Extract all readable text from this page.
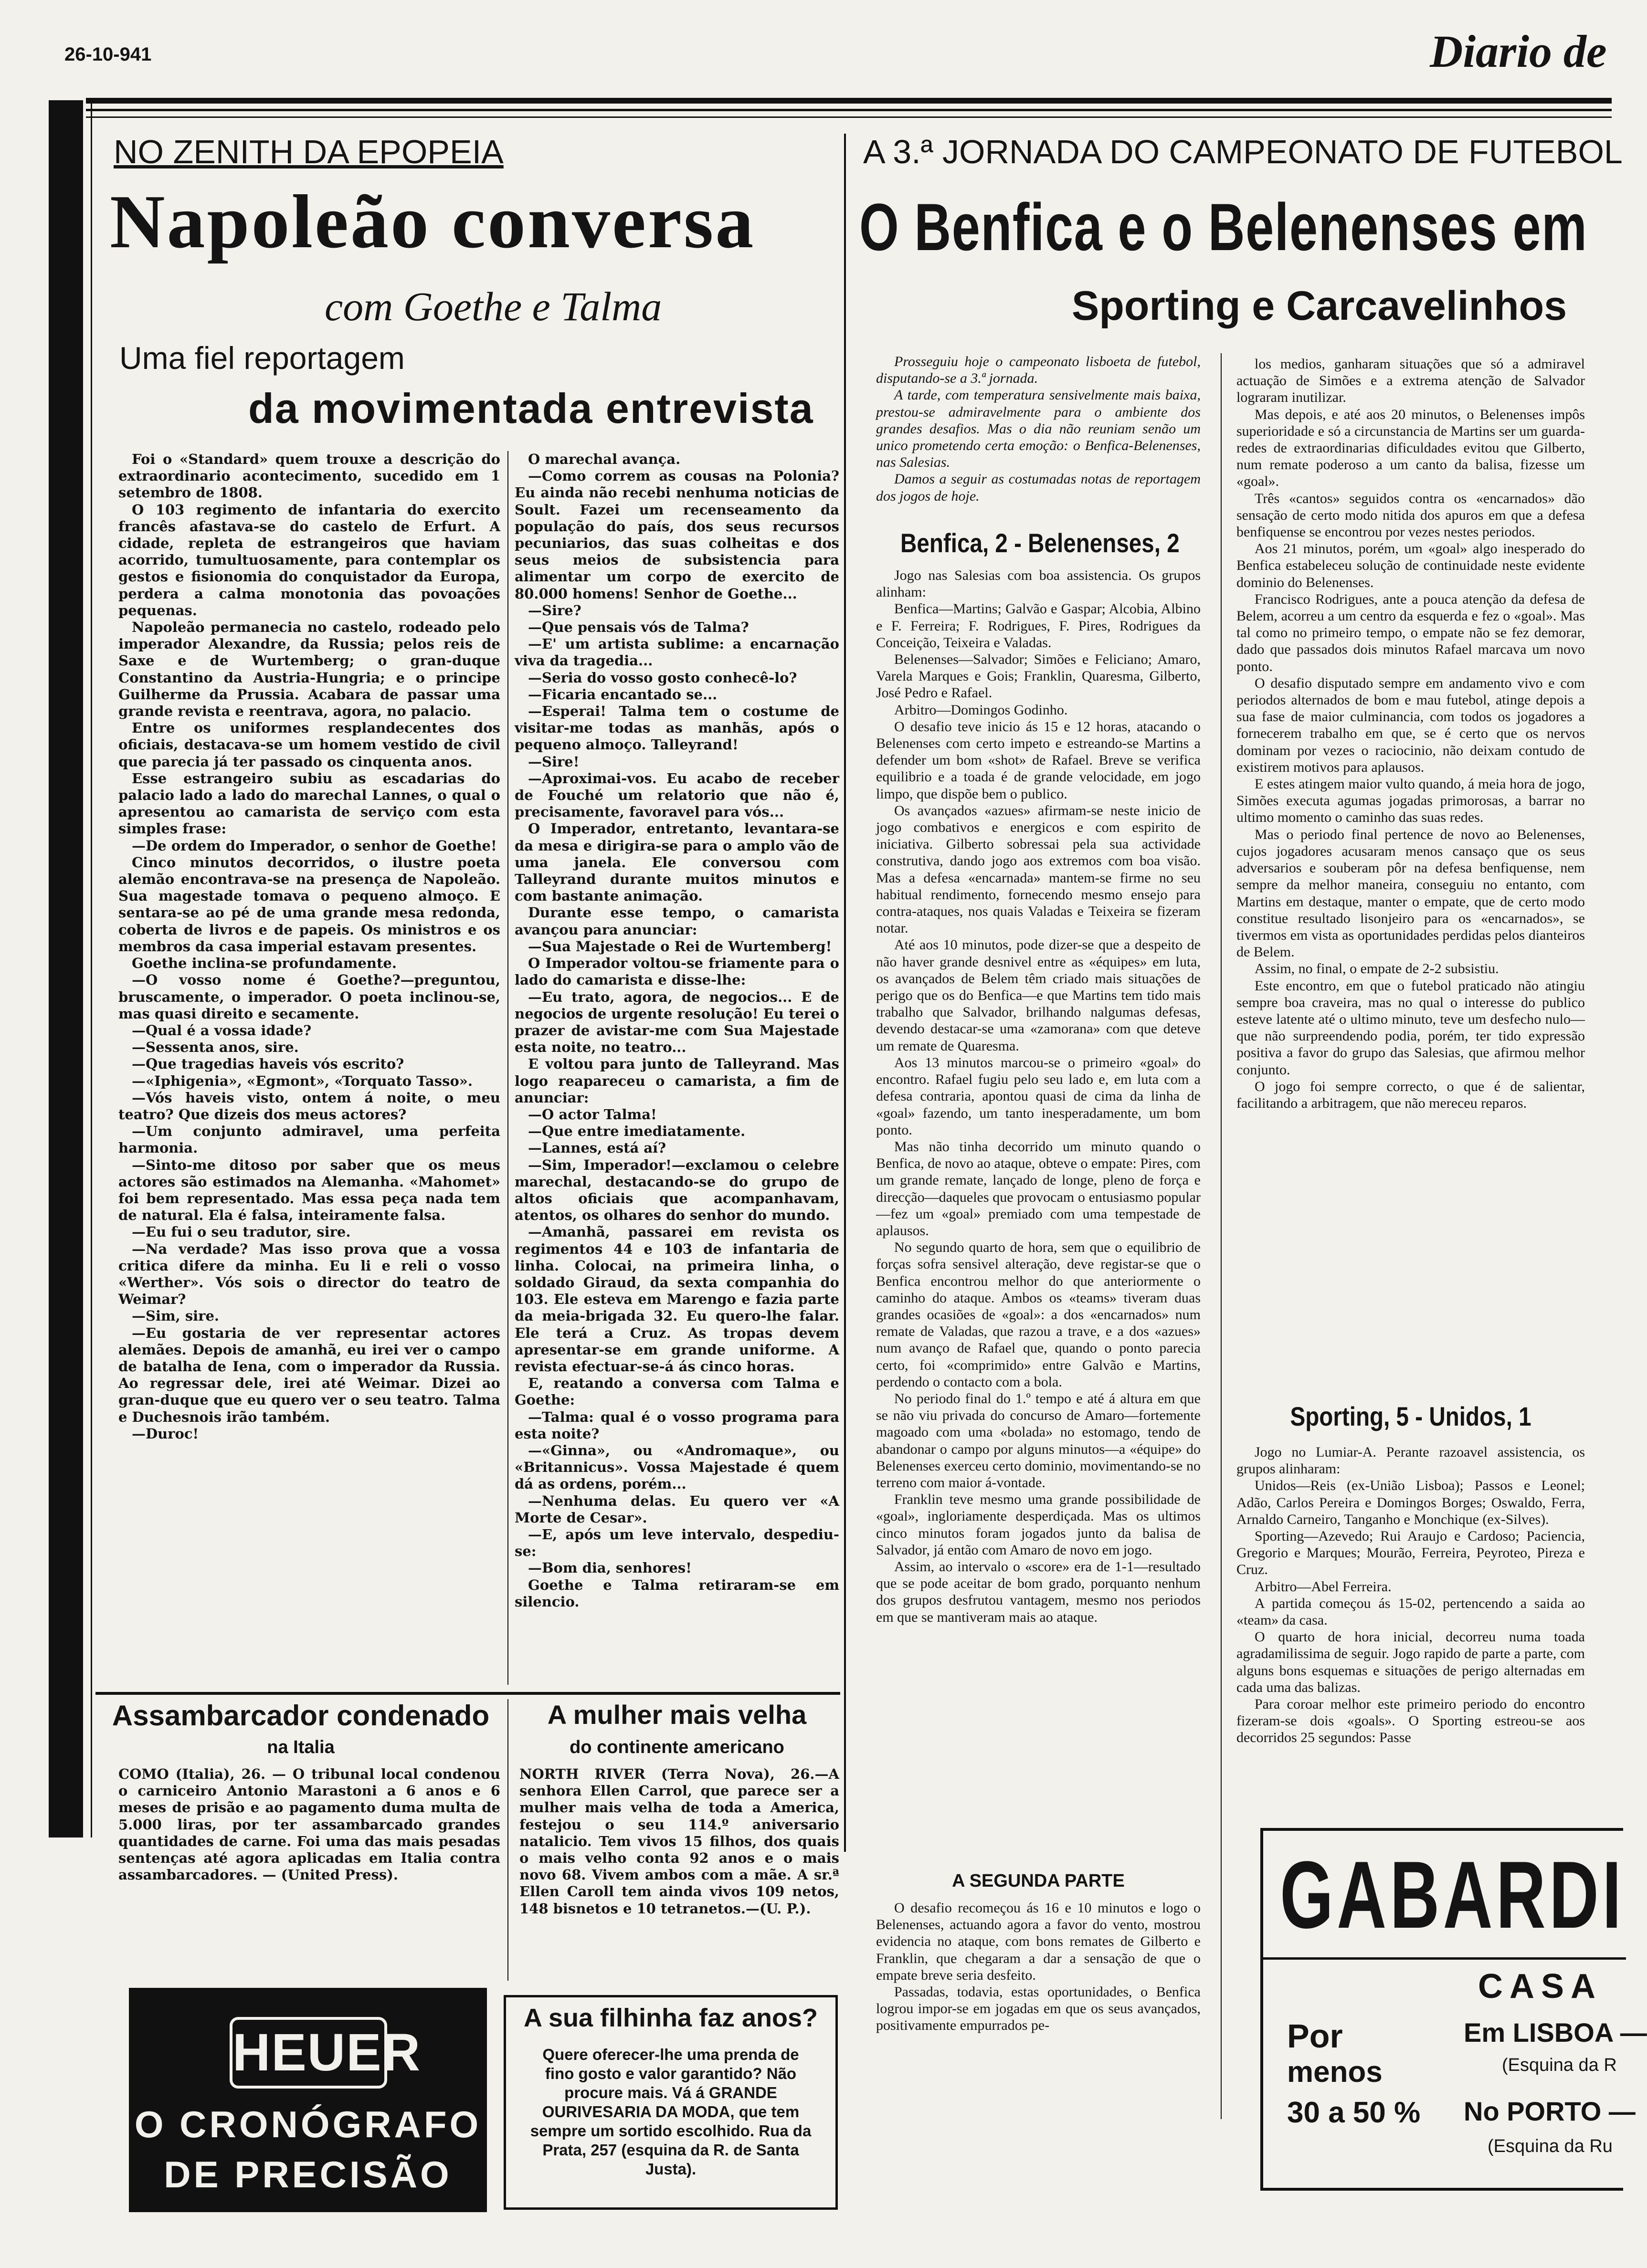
26-10-941	Diario de
NO ZENITH DA EPOPEIA
Napoleão conversa
com Goethe e Talma
Uma fiel reportagem
da movimentada entrevista

Foi o «Standard» quem trouxe a descrição do extraordinario acontecimento, sucedido em 1 setembro de 1808.

O 103 regimento de infantaria do exercito francês afastava-se do castelo de Erfurt. A cidade, repleta de estrangeiros que haviam acorrido, tumultuosamente, para contemplar os gestos e fisionomia do conquistador da Europa, perdera a calma monotonia das povoações pequenas.

Napoleão permanecia no castelo, rodeado pelo imperador Alexandre, da Russia; pelos reis de Saxe e de Wurtemberg; o gran-duque Constantino da Austria-Hungria; e o principe Guilherme da Prussia. Acabara de passar uma grande revista e reentrava, agora, no palacio.

Entre os uniformes resplandecentes dos oficiais, destacava-se um homem vestido de civil que parecia já ter passado os cinquenta anos.

Esse estrangeiro subiu as escadarias do palacio lado a lado do marechal Lannes, o qual o apresentou ao camarista de serviço com esta simples frase:

—De ordem do Imperador, o senhor de Goethe!

Cinco minutos decorridos, o ilustre poeta alemão encontrava-se na presença de Napoleão. Sua magestade tomava o pequeno almoço. E sentara-se ao pé de uma grande mesa redonda, coberta de livros e de papeis. Os ministros e os membros da casa imperial estavam presentes.

Goethe inclina-se profundamente.

—O vosso nome é Goethe?—preguntou, bruscamente, o imperador. O poeta inclinou-se, mas quasi direito e secamente.

—Qual é a vossa idade?

—Sessenta anos, sire.

—Que tragedias haveis vós escrito?

—«Iphigenia», «Egmont», «Torquato Tasso».

—Vós haveis visto, ontem á noite, o meu teatro? Que dizeis dos meus actores?

—Um conjunto admiravel, uma perfeita harmonia.

—Sinto-me ditoso por saber que os meus actores são estimados na Alemanha. «Mahomet» foi bem representado. Mas essa peça nada tem de natural. Ela é falsa, inteiramente falsa.

—Eu fui o seu tradutor, sire.

—Na verdade? Mas isso prova que a vossa critica difere da minha. Eu li e reli o vosso «Werther». Vós sois o director do teatro de Weimar?

—Sim, sire.

—Eu gostaria de ver representar actores alemães. Depois de amanhã, eu irei ver o campo de batalha de Iena, com o imperador da Russia. Ao regressar dele, irei até Weimar. Dizei ao gran-duque que eu quero ver o seu teatro. Talma e Duchesnois irão também.

—Duroc!

O marechal avança.

—Como correm as cousas na Polonia? Eu ainda não recebi nenhuma noticias de Soult. Fazei um recenseamento da população do país, dos seus recursos pecuniarios, das suas colheitas e dos seus meios de subsistencia para alimentar um corpo de exercito de 80.000 homens! Senhor de Goethe...

—Sire?

—Que pensais vós de Talma?

—E' um artista sublime: a encarnação viva da tragedia...

—Seria do vosso gosto conhecê-lo?

—Ficaria encantado se...

—Esperai! Talma tem o costume de visitar-me todas as manhãs, após o pequeno almoço. Talleyrand!

—Sire!

—Aproximai-vos. Eu acabo de receber de Fouché um relatorio que não é, precisamente, favoravel para vós...

O Imperador, entretanto, levantara-se da mesa e dirigira-se para o amplo vão de uma janela. Ele conversou com Talleyrand durante muitos minutos e com bastante animação.

Durante esse tempo, o camarista avançou para anunciar:

—Sua Majestade o Rei de Wurtemberg!

O Imperador voltou-se friamente para o lado do camarista e disse-lhe:

—Eu trato, agora, de negocios... E de negocios de urgente resolução! Eu terei o prazer de avistar-me com Sua Majestade esta noite, no teatro...

E voltou para junto de Talleyrand. Mas logo reapareceu o camarista, a fim de anunciar:

—O actor Talma!

—Que entre imediatamente.

—Lannes, está aí?

—Sim, Imperador!—exclamou o celebre marechal, destacando-se do grupo de altos oficiais que acompanhavam, atentos, os olhares do senhor do mundo.

—Amanhã, passarei em revista os regimentos 44 e 103 de infantaria de linha. Colocai, na primeira linha, o soldado Giraud, da sexta companhia do 103. Ele esteva em Marengo e fazia parte da meia-brigada 32. Eu quero-lhe falar. Ele terá a Cruz. As tropas devem apresentar-se em grande uniforme. A revista efectuar-se-á ás cinco horas.

E, reatando a conversa com Talma e Goethe:

—Talma: qual é o vosso programa para esta noite?

—«Ginna», ou «Andromaque», ou «Britannicus». Vossa Majestade é quem dá as ordens, porém...

—Nenhuma delas. Eu quero ver «A Morte de Cesar».

—E, após um leve intervalo, despediu-se:

—Bom dia, senhores!

Goethe e Talma retiraram-se em silencio.

Assambarcador condenado
na Italia
COMO (Italia), 26. — O tribunal local condenou o carniceiro Antonio Marastoni a 6 anos e 6 meses de prisão e ao pagamento duma multa de 5.000 liras, por ter assambarcado grandes quantidades de carne. Foi uma das mais pesadas sentenças até agora aplicadas em Italia contra assambarcadores. — (United Press).
A mulher mais velha
do continente americano
NORTH RIVER (Terra Nova), 26.—A senhora Ellen Carrol, que parece ser a mulher mais velha de toda a America, festejou o seu 114.º aniversario natalicio. Tem vivos 15 filhos, dos quais o mais velho conta 92 anos e o mais novo 68. Vivem ambos com a mãe. A sr.ª Ellen Caroll tem ainda vivos 109 netos, 148 bisnetos e 10 tetranetos.—(U. P.).
HEUER
O CRONÓGRAFO
DE PRECISÃO
A sua filhinha faz anos?
Quere oferecer-lhe uma prenda de fino gosto e valor garantido? Não procure mais. Vá á GRANDE OURIVESARIA DA MODA, que tem sempre um sortido escolhido. Rua da Prata, 257 (esquina da R. de Santa Justa).
A 3.ª JORNADA DO CAMPEONATO DE FUTEBOL
O Benfica e o Belenenses em
Sporting e Carcavelinhos

Prosseguiu hoje o campeonato lisboeta de futebol, disputando-se a 3.ª jornada.

A tarde, com temperatura sensivelmente mais baixa, prestou-se admiravelmente para o ambiente dos grandes desafios. Mas o dia não reuniam senão um unico prometendo certa emoção: o Benfica-Belenenses, nas Salesias.

Damos a seguir as costumadas notas de reportagem dos jogos de hoje.

Benfica, 2 - Belenenses, 2

Jogo nas Salesias com boa assistencia. Os grupos alinham:

Benfica—Martins; Galvão e Gaspar; Alcobia, Albino e F. Ferreira; F. Rodrigues, F. Pires, Rodrigues da Conceição, Teixeira e Valadas.

Belenenses—Salvador; Simões e Feliciano; Amaro, Varela Marques e Gois; Franklin, Quaresma, Gilberto, José Pedro e Rafael.

Arbitro—Domingos Godinho.

O desafio teve inicio ás 15 e 12 horas, atacando o Belenenses com certo impeto e estreando-se Martins a defender um bom «shot» de Rafael. Breve se verifica equilibrio e a toada é de grande velocidade, em jogo limpo, que dispõe bem o publico.

Os avançados «azues» afirmam-se neste inicio de jogo combativos e energicos e com espirito de iniciativa. Gilberto sobressai pela sua actividade construtiva, dando jogo aos extremos com boa visão. Mas a defesa «encarnada» mantem-se firme no seu habitual rendimento, fornecendo mesmo ensejo para contra-ataques, nos quais Valadas e Teixeira se fizeram notar.

Até aos 10 minutos, pode dizer-se que a despeito de não haver grande desnivel entre as «équipes» em luta, os avançados de Belem têm criado mais situações de perigo que os do Benfica—e que Martins tem tido mais trabalho que Salvador, brilhando nalgumas defesas, devendo destacar-se uma «zamorana» com que deteve um remate de Quaresma.

Aos 13 minutos marcou-se o primeiro «goal» do encontro. Rafael fugiu pelo seu lado e, em luta com a defesa contraria, apontou quasi de cima da linha de «goal» fazendo, um tanto inesperadamente, um bom ponto.

Mas não tinha decorrido um minuto quando o Benfica, de novo ao ataque, obteve o empate: Pires, com um grande remate, lançado de longe, pleno de força e direcção—daqueles que provocam o entusiasmo popular—fez um «goal» premiado com uma tempestade de aplausos.

No segundo quarto de hora, sem que o equilibrio de forças sofra sensivel alteração, deve registar-se que o Benfica encontrou melhor do que anteriormente o caminho do ataque. Ambos os «teams» tiveram duas grandes ocasiões de «goal»: a dos «encarnados» num remate de Valadas, que razou a trave, e a dos «azues» num avanço de Rafael que, quando o ponto parecia certo, foi «comprimido» entre Galvão e Martins, perdendo o contacto com a bola.

No periodo final do 1.º tempo e até á altura em que se não viu privada do concurso de Amaro—fortemente magoado com uma «bolada» no estomago, tendo de abandonar o campo por alguns minutos—a «équipe» do Belenenses exerceu certo dominio, movimentando-se no terreno com maior á-vontade.

Franklin teve mesmo uma grande possibilidade de «goal», ingloriamente desperdiçada. Mas os ultimos cinco minutos foram jogados junto da balisa de Salvador, já então com Amaro de novo em jogo.

Assim, ao intervalo o «score» era de 1-1—resultado que se pode aceitar de bom grado, porquanto nenhum dos grupos desfrutou vantagem, mesmo nos periodos em que se mantiveram mais ao ataque.

A SEGUNDA PARTE

O desafio recomeçou ás 16 e 10 minutos e logo o Belenenses, actuando agora a favor do vento, mostrou evidencia no ataque, com bons remates de Gilberto e Franklin, que chegaram a dar a sensação de que o empate breve seria desfeito.

Passadas, todavia, estas oportunidades, o Benfica logrou impor-se em jogadas em que os seus avançados, positivamente empurrados pe-

los medios, ganharam situações que só a admiravel actuação de Simões e a extrema atenção de Salvador lograram inutilizar.

Mas depois, e até aos 20 minutos, o Belenenses impôs superioridade e só a circunstancia de Martins ser um guarda-redes de extraordinarias dificuldades evitou que Gilberto, num remate poderoso a um canto da balisa, fizesse um «goal».

Três «cantos» seguidos contra os «encarnados» dão sensação de certo modo nitida dos apuros em que a defesa benfiquense se encontrou por vezes nestes periodos.

Aos 21 minutos, porém, um «goal» algo inesperado do Benfica estabeleceu solução de continuidade neste evidente dominio do Belenenses.

Francisco Rodrigues, ante a pouca atenção da defesa de Belem, acorreu a um centro da esquerda e fez o «goal». Mas tal como no primeiro tempo, o empate não se fez demorar, dado que passados dois minutos Rafael marcava um novo ponto.

O desafio disputado sempre em andamento vivo e com periodos alternados de bom e mau futebol, atinge depois a sua fase de maior culminancia, com todos os jogadores a fornecerem trabalho em que, se é certo que os nervos dominam por vezes o raciocinio, não deixam contudo de existirem motivos para aplausos.

E estes atingem maior vulto quando, á meia hora de jogo, Simões executa agumas jogadas primorosas, a barrar no ultimo momento o caminho das suas redes.

Mas o periodo final pertence de novo ao Belenenses, cujos jogadores acusaram menos cansaço que os seus adversarios e souberam pôr na defesa benfiquense, nem sempre da melhor maneira, conseguiu no entanto, com Martins em destaque, manter o empate, que de certo modo constitue resultado lisonjeiro para os «encarnados», se tivermos em vista as oportunidades perdidas pelos dianteiros de Belem.

Assim, no final, o empate de 2-2 subsistiu.

Este encontro, em que o futebol praticado não atingiu sempre boa craveira, mas no qual o interesse do publico esteve latente até o ultimo minuto, teve um desfecho nulo—que não surpreendendo podia, porém, ter tido expressão positiva a favor do grupo das Salesias, que afirmou melhor conjunto.

O jogo foi sempre correcto, o que é de salientar, facilitando a arbitragem, que não mereceu reparos.

Sporting, 5 - Unidos, 1

Jogo no Lumiar-A. Perante razoavel assistencia, os grupos alinharam:

Unidos—Reis (ex-União Lisboa); Passos e Leonel; Adão, Carlos Pereira e Domingos Borges; Oswaldo, Ferra, Arnaldo Carneiro, Tanganho e Monchique (ex-Silves).

Sporting—Azevedo; Rui Araujo e Cardoso; Paciencia, Gregorio e Marques; Mourão, Ferreira, Peyroteo, Pireza e Cruz.

Arbitro—Abel Ferreira.

A partida começou ás 15-02, pertencendo a saida ao «team» da casa.

O quarto de hora inicial, decorreu numa toada agradamilissima de seguir. Jogo rapido de parte a parte, com alguns bons esquemas e situações de perigo alternadas em cada uma das balizas.

Para coroar melhor este primeiro periodo do encontro fizeram-se dois «goals». O Sporting estreou-se aos decorridos 25 segundos: Passe

GABARDI
CASA
Por
menos
30 a 50 %
Em LISBOA —
(Esquina da R
No PORTO —
(Esquina da Ru
